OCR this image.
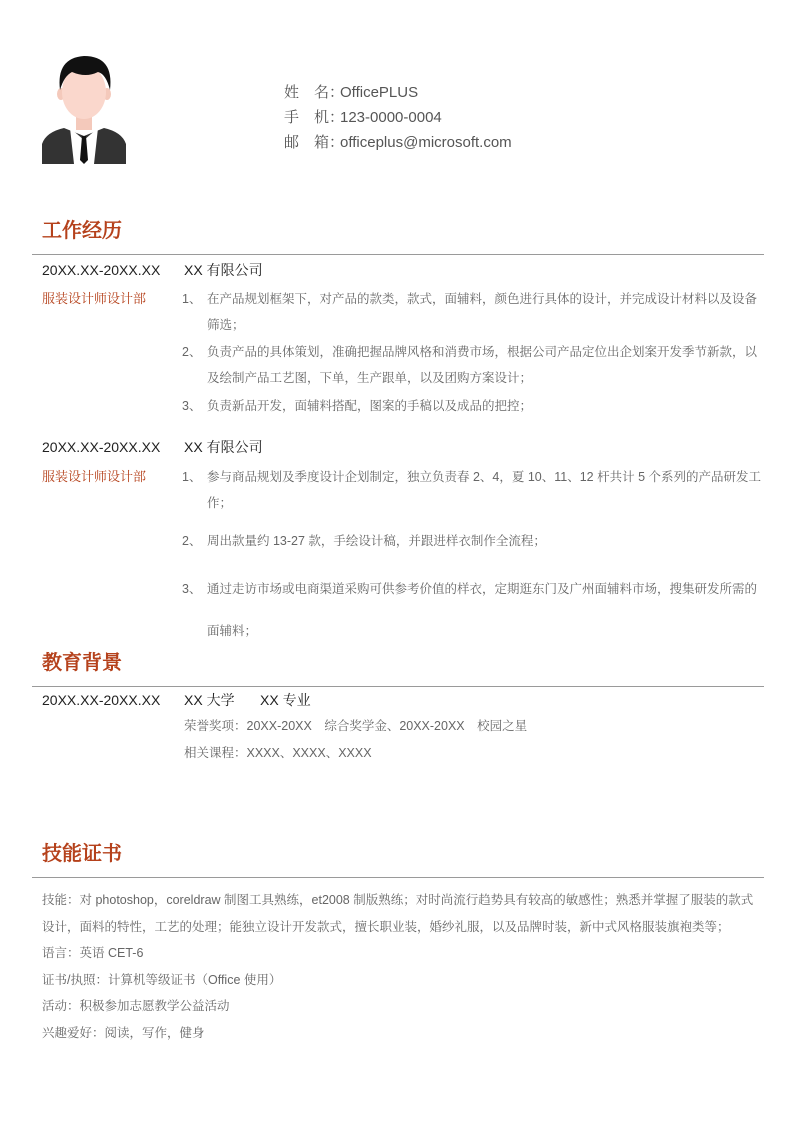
姓　名：OfficePLUS
手　机：123-0000-0004
邮　箱：officeplus@microsoft.com
工作经历
20XX.XX-20XX.XX XX 有限公司
服装设计师设计部	1、 在产品规划框架下，对产品的款类，款式，面辅料，颜色进行具体的设计，并完成设计材料以及设备筛选；
2、 负责产品的具体策划，准确把握品牌风格和消费市场，根据公司产品定位出企划案开发季节新款，以及绘制产品工艺图，下单，生产跟单，以及团购方案设计；
3、 负责新品开发，面辅料搭配，图案的手稿以及成品的把控；
20XX.XX-20XX.XX XX 有限公司
服装设计师设计部	1、 参与商品规划及季度设计企划制定，独立负责春 2、4，夏 10、11、12 杆共计 5 个系列的产品研发工作；
2、 周出款量约 13-27 款，手绘设计稿，并跟进样衣制作全流程；
3、 通过走访市场或电商渠道采购可供参考价值的样衣，定期逛东门及广州面辅料市场，搜集研发所需的面辅料；
教育背景
20XX.XX-20XX.XX XX 大学 XX 专业
荣誉奖项：20XX-20XX　综合奖学金、20XX-20XX　校园之星
相关课程：XXXX、XXXX、XXXX
技能证书

技能：对 photoshop，coreldraw 制图工具熟练，et2008 制版熟练；对时尚流行趋势具有较高的敏感性；熟悉并掌握了服装的款式设计，面料的特性，工艺的处理；能独立设计开发款式，擅长职业装，婚纱礼服，以及品牌时装，新中式风格服装旗袍类等；

语言：英语 CET-6

证书/执照：计算机等级证书（Office 使用）

活动：积极参加志愿教学公益活动

兴趣爱好：阅读，写作，健身
